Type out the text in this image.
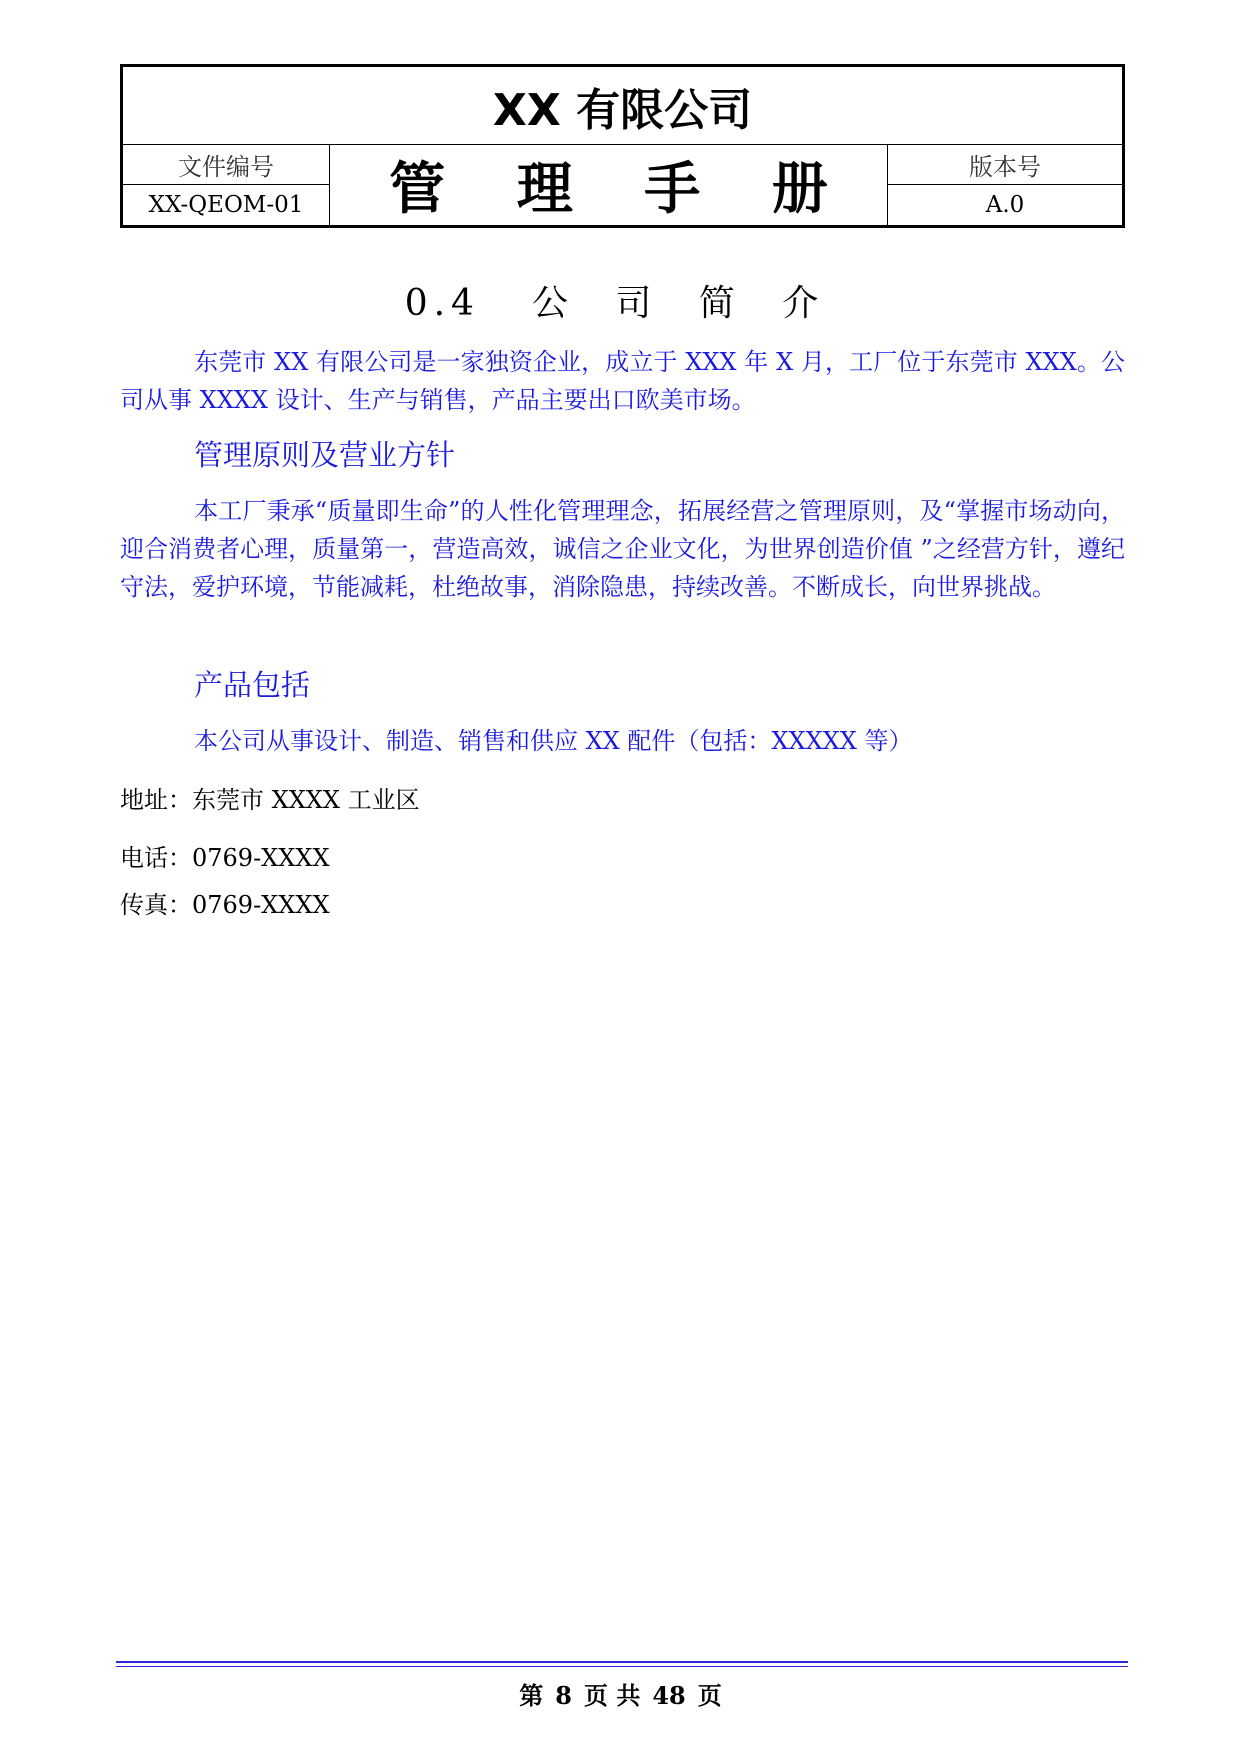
XX 有限公司		
文件编号	管 理 手 册	版本号
XX-QEOM-01		A.0
0.4 公 司 简 介
东莞市 XX 有限公司是一家独资企业，成立于 XXX 年 X 月，工厂位于东莞市 XXX。公司从事 XXXX 设计、生产与销售，产品主要出口欧美市场。
管理原则及营业方针
本工厂秉承“质量即生命”的人性化管理理念，拓展经营之管理原则，及“掌握市场动向，迎合消费者心理，质量第一，营造高效，诚信之企业文化，为世界创造价值 ”之经营方针，遵纪守法，爱护环境，节能减耗，杜绝故事，消除隐患，持续改善。不断成长，向世界挑战。
产品包括
本公司从事设计、制造、销售和供应 XX 配件（包括：XXXXX 等）
地址：东莞市 XXXX 工业区
电话：0769-XXXX
传真：0769-XXXX
第 8 页 共 48 页
